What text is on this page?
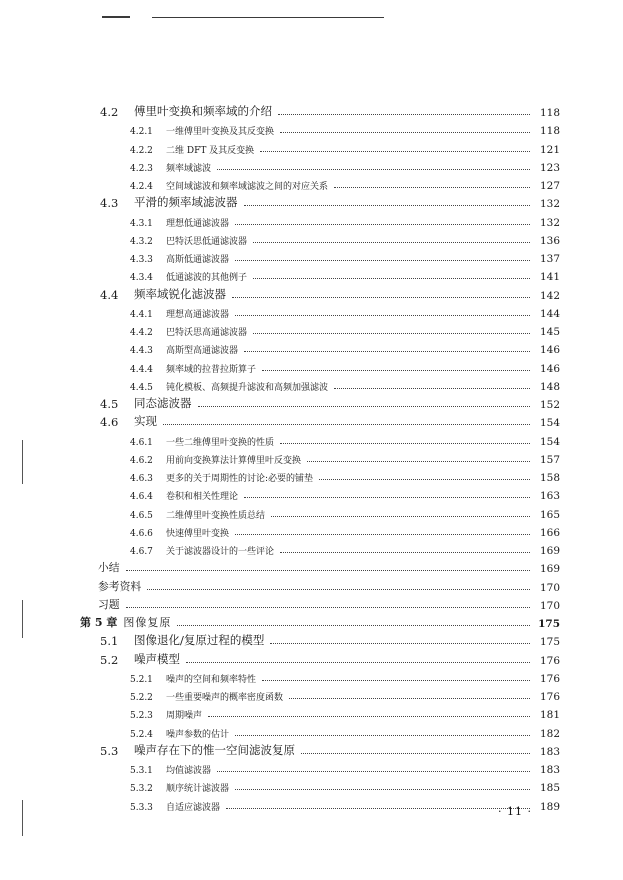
4.2	傅里叶变换和频率域的介绍	118
4.2.1	一维傅里叶变换及其反变换	118
4.2.2	二维 DFT 及其反变换	121
4.2.3	频率域滤波	123
4.2.4	空间域滤波和频率域滤波之间的对应关系	127
4.3	平滑的频率域滤波器	132
4.3.1	理想低通滤波器	132
4.3.2	巴特沃思低通滤波器	136
4.3.3	高斯低通滤波器	137
4.3.4	低通滤波的其他例子	141
4.4	频率域锐化滤波器	142
4.4.1	理想高通滤波器	144
4.4.2	巴特沃思高通滤波器	145
4.4.3	高斯型高通滤波器	146
4.4.4	频率域的拉普拉斯算子	146
4.4.5	钝化模板、高频提升滤波和高频加强滤波	148
4.5	同态滤波器	152
4.6	实现	154
4.6.1	一些二维傅里叶变换的性质	154
4.6.2	用前向变换算法计算傅里叶反变换	157
4.6.3	更多的关于周期性的讨论:必要的铺垫	158
4.6.4	卷积和相关性理论	163
4.6.5	二维傅里叶变换性质总结	165
4.6.6	快速傅里叶变换	166
4.6.7	关于滤波器设计的一些评论	169
小结	169
参考资料	170
习题	170
第 5 章 图像复原	175
5.1	图像退化/复原过程的模型	175
5.2	噪声模型	176
5.2.1	噪声的空间和频率特性	176
5.2.2	一些重要噪声的概率密度函数	176
5.2.3	周期噪声	181
5.2.4	噪声参数的估计	182
5.3	噪声存在下的惟一空间滤波复原	183
5.3.1	均值滤波器	183
5.3.2	顺序统计滤波器	185
5.3.3	自适应滤波器	189
· 11 ·
